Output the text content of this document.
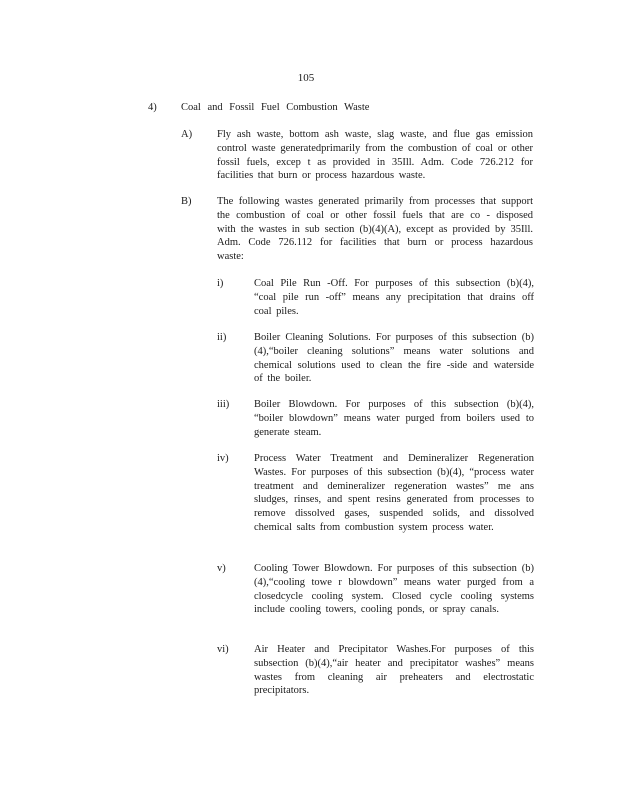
105
4) Coal and Fossil Fuel Combustion Waste
A) Fly ash waste, bottom ash waste, slag waste, and flue gas emission control waste generatedprimarily from the combustion of coal or other fossil fuels, excep t as provided in 35Ill. Adm. Code 726.212 for facilities that burn or process hazardous waste.
B) The following wastes generated primarily from processes that support the combustion of coal or other fossil fuels that are co - disposed with the wastes in sub section (b)(4)(A), except as provided by 35Ill. Adm. Code 726.112 for facilities that burn or process hazardous waste:
i)	Coal Pile Run -Off. For purposes of this subsection (b)(4), “coal pile run -off” means any precipitation that drains off coal piles.
ii)	Boiler Cleaning Solutions. For purposes of this subsection (b)(4),“boiler cleaning solutions” means water solutions and chemical solutions used to clean the fire -side and waterside of the boiler.
iii) Boiler Blowdown. For purposes of this subsection (b)(4), “boiler blowdown” means water purged from boilers used to generate steam.
iv) Process Water Treatment and Demineralizer Regeneration Wastes. For purposes of this subsection (b)(4), “process water treatment and demineralizer regeneration wastes” me ans sludges, rinses, and spent resins generated from processes to remove dissolved gases, suspended solids, and dissolved chemical salts from combustion system process water.
v)	Cooling Tower Blowdown. For purposes of this subsection (b)(4),“cooling towe r blowdown” means water purged from a closedcycle cooling system. Closed cycle cooling systems include cooling towers, cooling ponds, or spray canals.
vi) Air Heater and Precipitator Washes.For purposes of this subsection (b)(4),“air heater and precipitator washes” means wastes from cleaning air preheaters and electrostatic precipitators.
